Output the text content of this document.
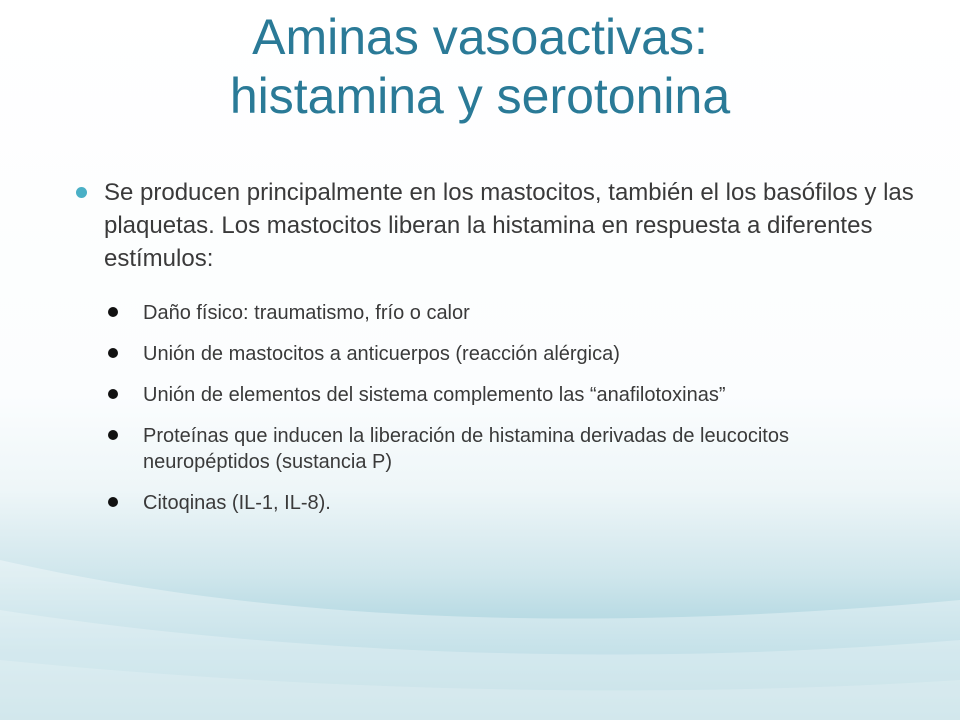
Aminas vasoactivas:
histamina y serotonina
Se producen principalmente en los mastocitos, también el los basófilos y las plaquetas. Los mastocitos liberan la histamina en respuesta a diferentes estímulos:
Daño físico: traumatismo, frío o calor
Unión de mastocitos a anticuerpos (reacción alérgica)
Unión de elementos del sistema complemento las “anafilotoxinas”
Proteínas que inducen la liberación de histamina derivadas de leucocitos neuropéptidos (sustancia P)
Citoqinas (IL-1, IL-8).
